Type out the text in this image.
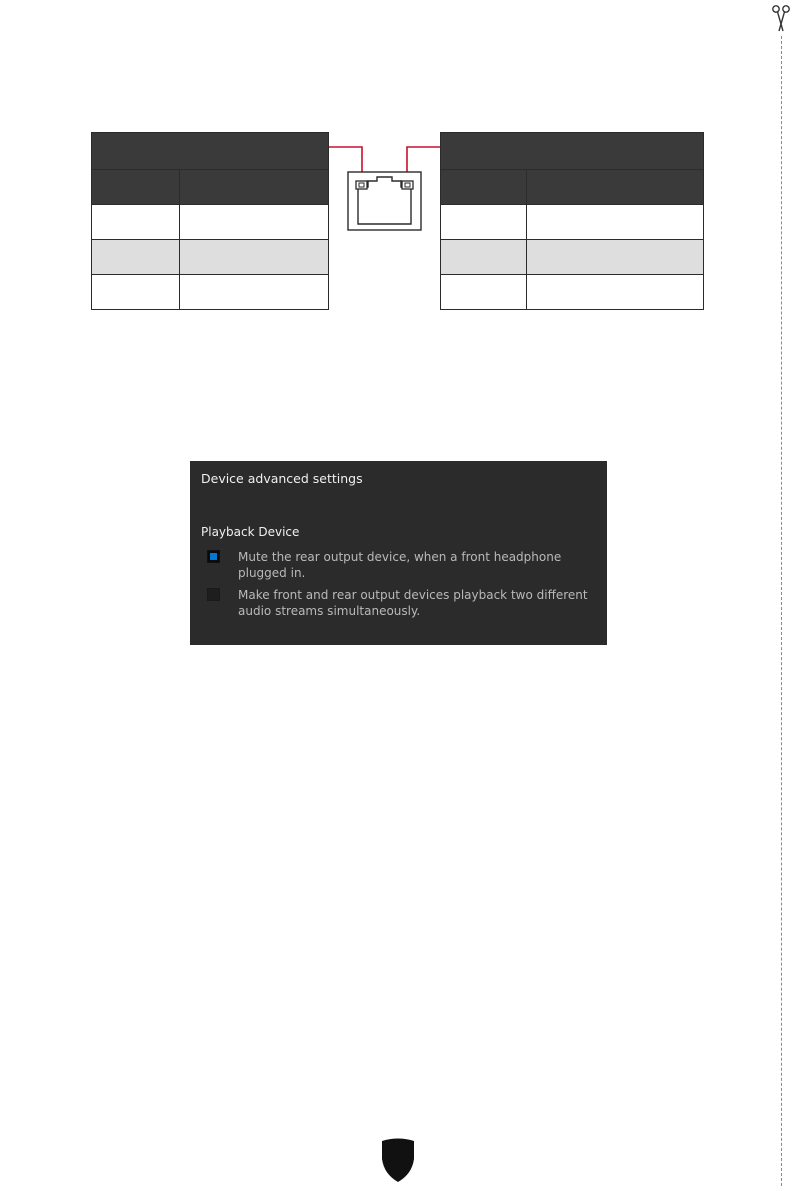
Device advanced settings
Playback Device
Mute the rear output device, when a front headphone plugged in.
Make front and rear output devices playback two different audio streams simultaneously.
